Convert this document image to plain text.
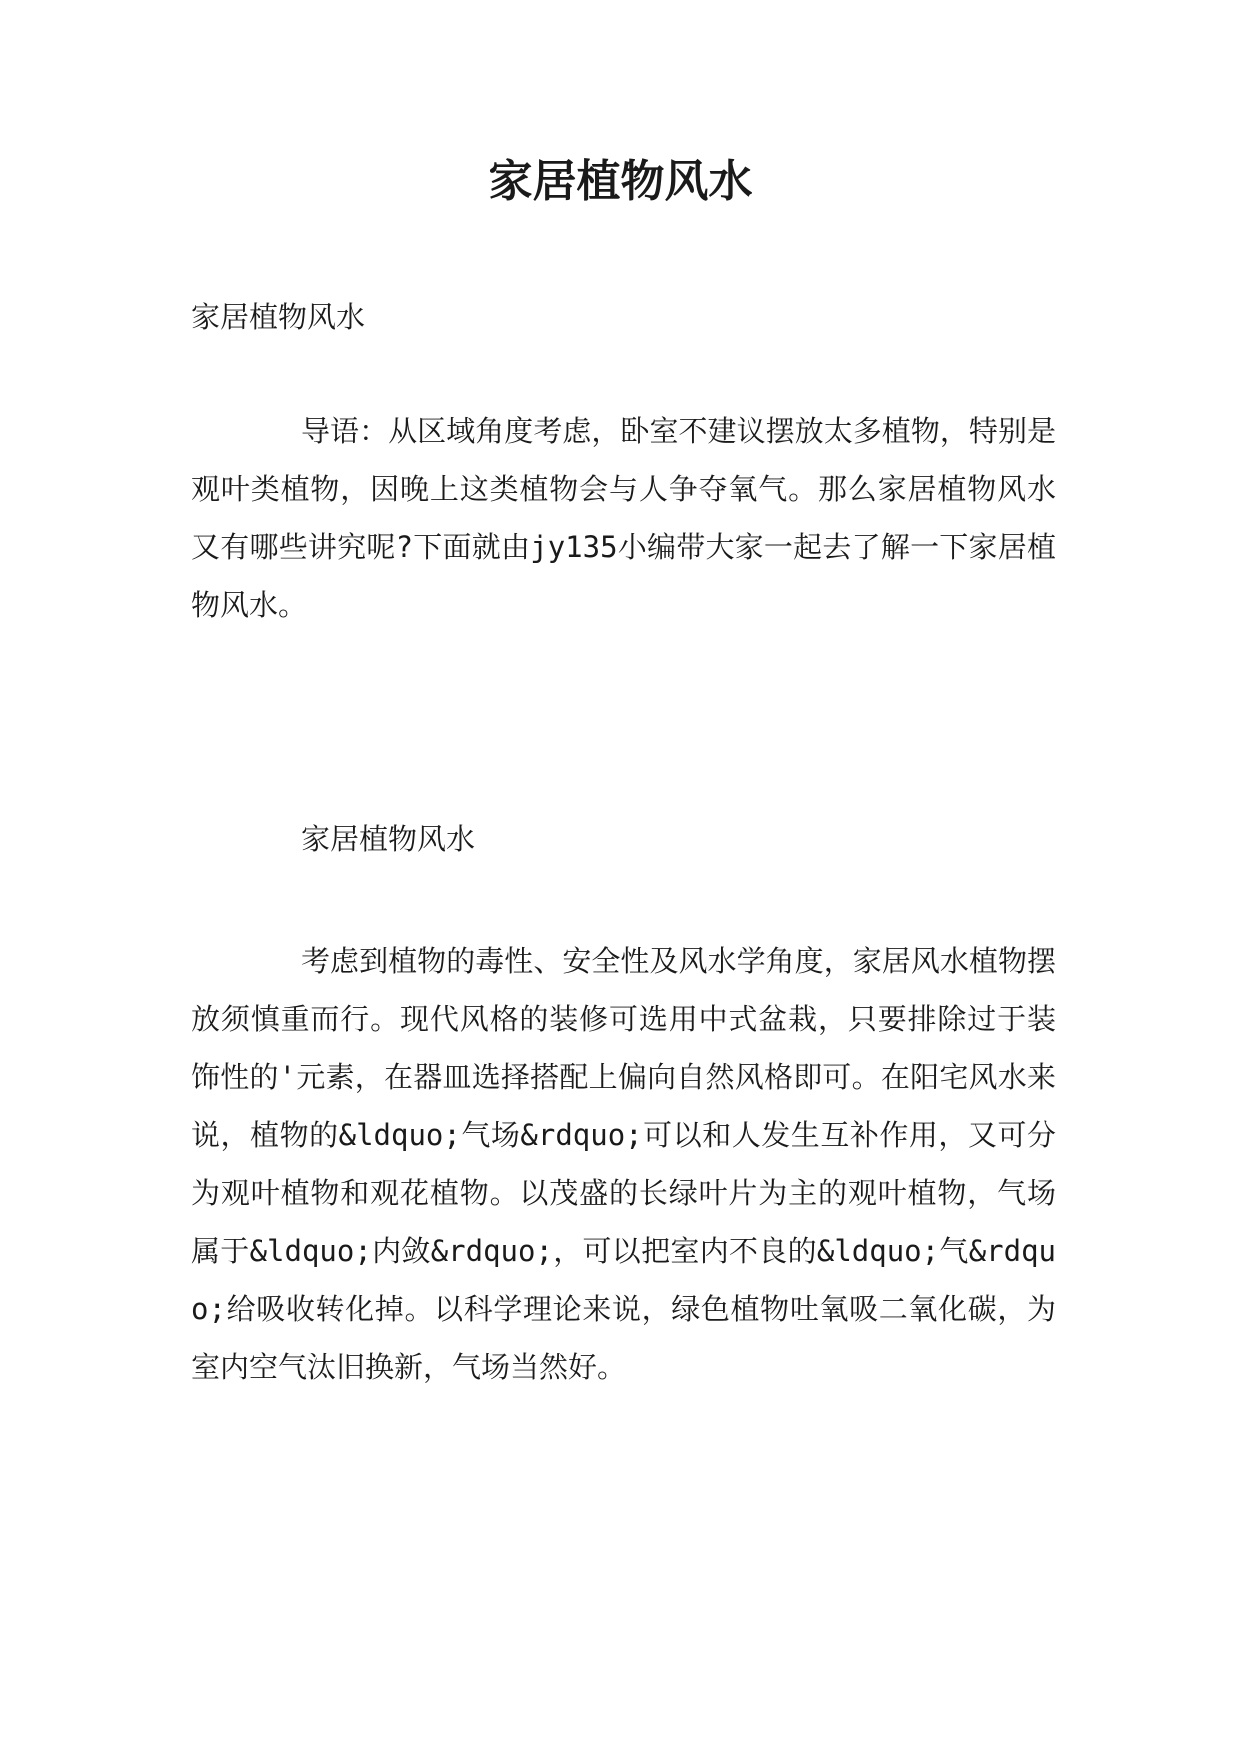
家居植物风水

家居植物风水

导语：从区域角度考虑，卧室不建议摆放太多植物，特别是观叶类植物，因晚上这类植物会与人争夺氧气。那么家居植物风水又有哪些讲究呢?下面就由jy135小编带大家一起去了解一下家居植物风水。

家居植物风水

考虑到植物的毒性、安全性及风水学角度，家居风水植物摆放须慎重而行。现代风格的装修可选用中式盆栽，只要排除过于装饰性的'元素，在器皿选择搭配上偏向自然风格即可。在阳宅风水来说，植物的&ldquo;气场&rdquo;可以和人发生互补作用，又可分为观叶植物和观花植物。以茂盛的长绿叶片为主的观叶植物，气场属于&ldquo;内敛&rdquo;，可以把室内不良的&ldquo;气&rdquo;给吸收转化掉。以科学理论来说，绿色植物吐氧吸二氧化碳，为室内空气汰旧换新，气场当然好。
